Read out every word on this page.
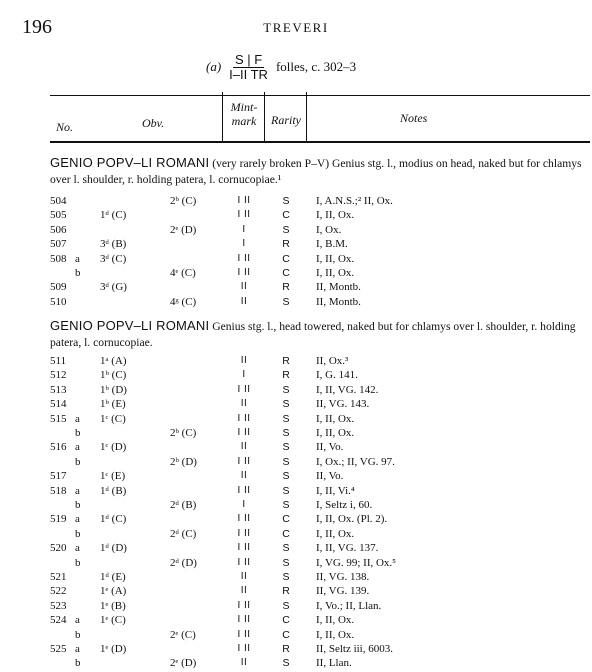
196	TREVERI
$(a) \frac{S | F}{\text{I–II TR}}$ folles, c. 302–3
No.	Obv.
Mint-
mark	Rarity	Notes
GENIO POPV–LI ROMANI (very rarely broken P–V) Genius stg. l., modius on head, naked but for chlamys over l. shoulder, r. holding patera, l. cornucopiae.¹
504	2ᵇ (C)	I II	S	I, A.N.S.;² II, Ox.
505	1ᵈ (C)	I II	C	I, II, Ox.
506	2ᵉ (D)	I	S	I, Ox.
507	3ᵈ (B)	I	R	I, B.M.
508 a 3ᵈ (C)	I II	C	I, II, Ox.
b	4ᵉ (C)	I II	C	I, II, Ox.
509	3ᵈ (G)	II	R	II, Montb.
510	4ᵍ (C)	II	S	II, Montb.
GENIO POPV–LI ROMANI Genius stg. l., head towered, naked but for chlamys over l. shoulder, r. holding patera, l. cornucopiae.
511	1ᵃ (A)	II	R	II, Ox.³
512	1ᵇ (C)	I	R	I, G. 141.
513	1ᵇ (D)	I II	S	I, II, VG. 142.
514	1ᵇ (E)	II	S	II, VG. 143.
515 a 1ᶜ (C)	I II	S	I, II, Ox.
b	2ᵇ (C)	I II	S	I, II, Ox.
516 a 1ᶜ (D)	II	S	II, Vo.
b	2ᵇ (D)	I II	S	I, Ox.; II, VG. 97.
517	1ᶜ (E)	II	S	II, Vo.
518 a 1ᵈ (B)	I II	S	I, II, Vi.⁴
b	2ᵈ (B)	I	S	I, Seltz i, 60.
519 a 1ᵈ (C)	I II	C	I, II, Ox. (Pl. 2).
b	2ᵈ (C)	I II	C	I, II, Ox.
520 a 1ᵈ (D)	I II	S	I, II, VG. 137.
b	2ᵈ (D)	I II	S	I, VG. 99; II, Ox.⁵
521	1ᵈ (E)	II	S	II, VG. 138.
522	1ᵉ (A)	II	R	II, VG. 139.
523	1ᵉ (B)	I II	S	I, Vo.; II, Llan.
524 a 1ᵉ (C)	I II	C	I, II, Ox.
b	2ᵉ (C)	I II	C	I, II, Ox.
525 a 1ᵉ (D)	I II	R	II, Seltz iii, 6003.
b	2ᵉ (D)	II	S	II, Llan.
